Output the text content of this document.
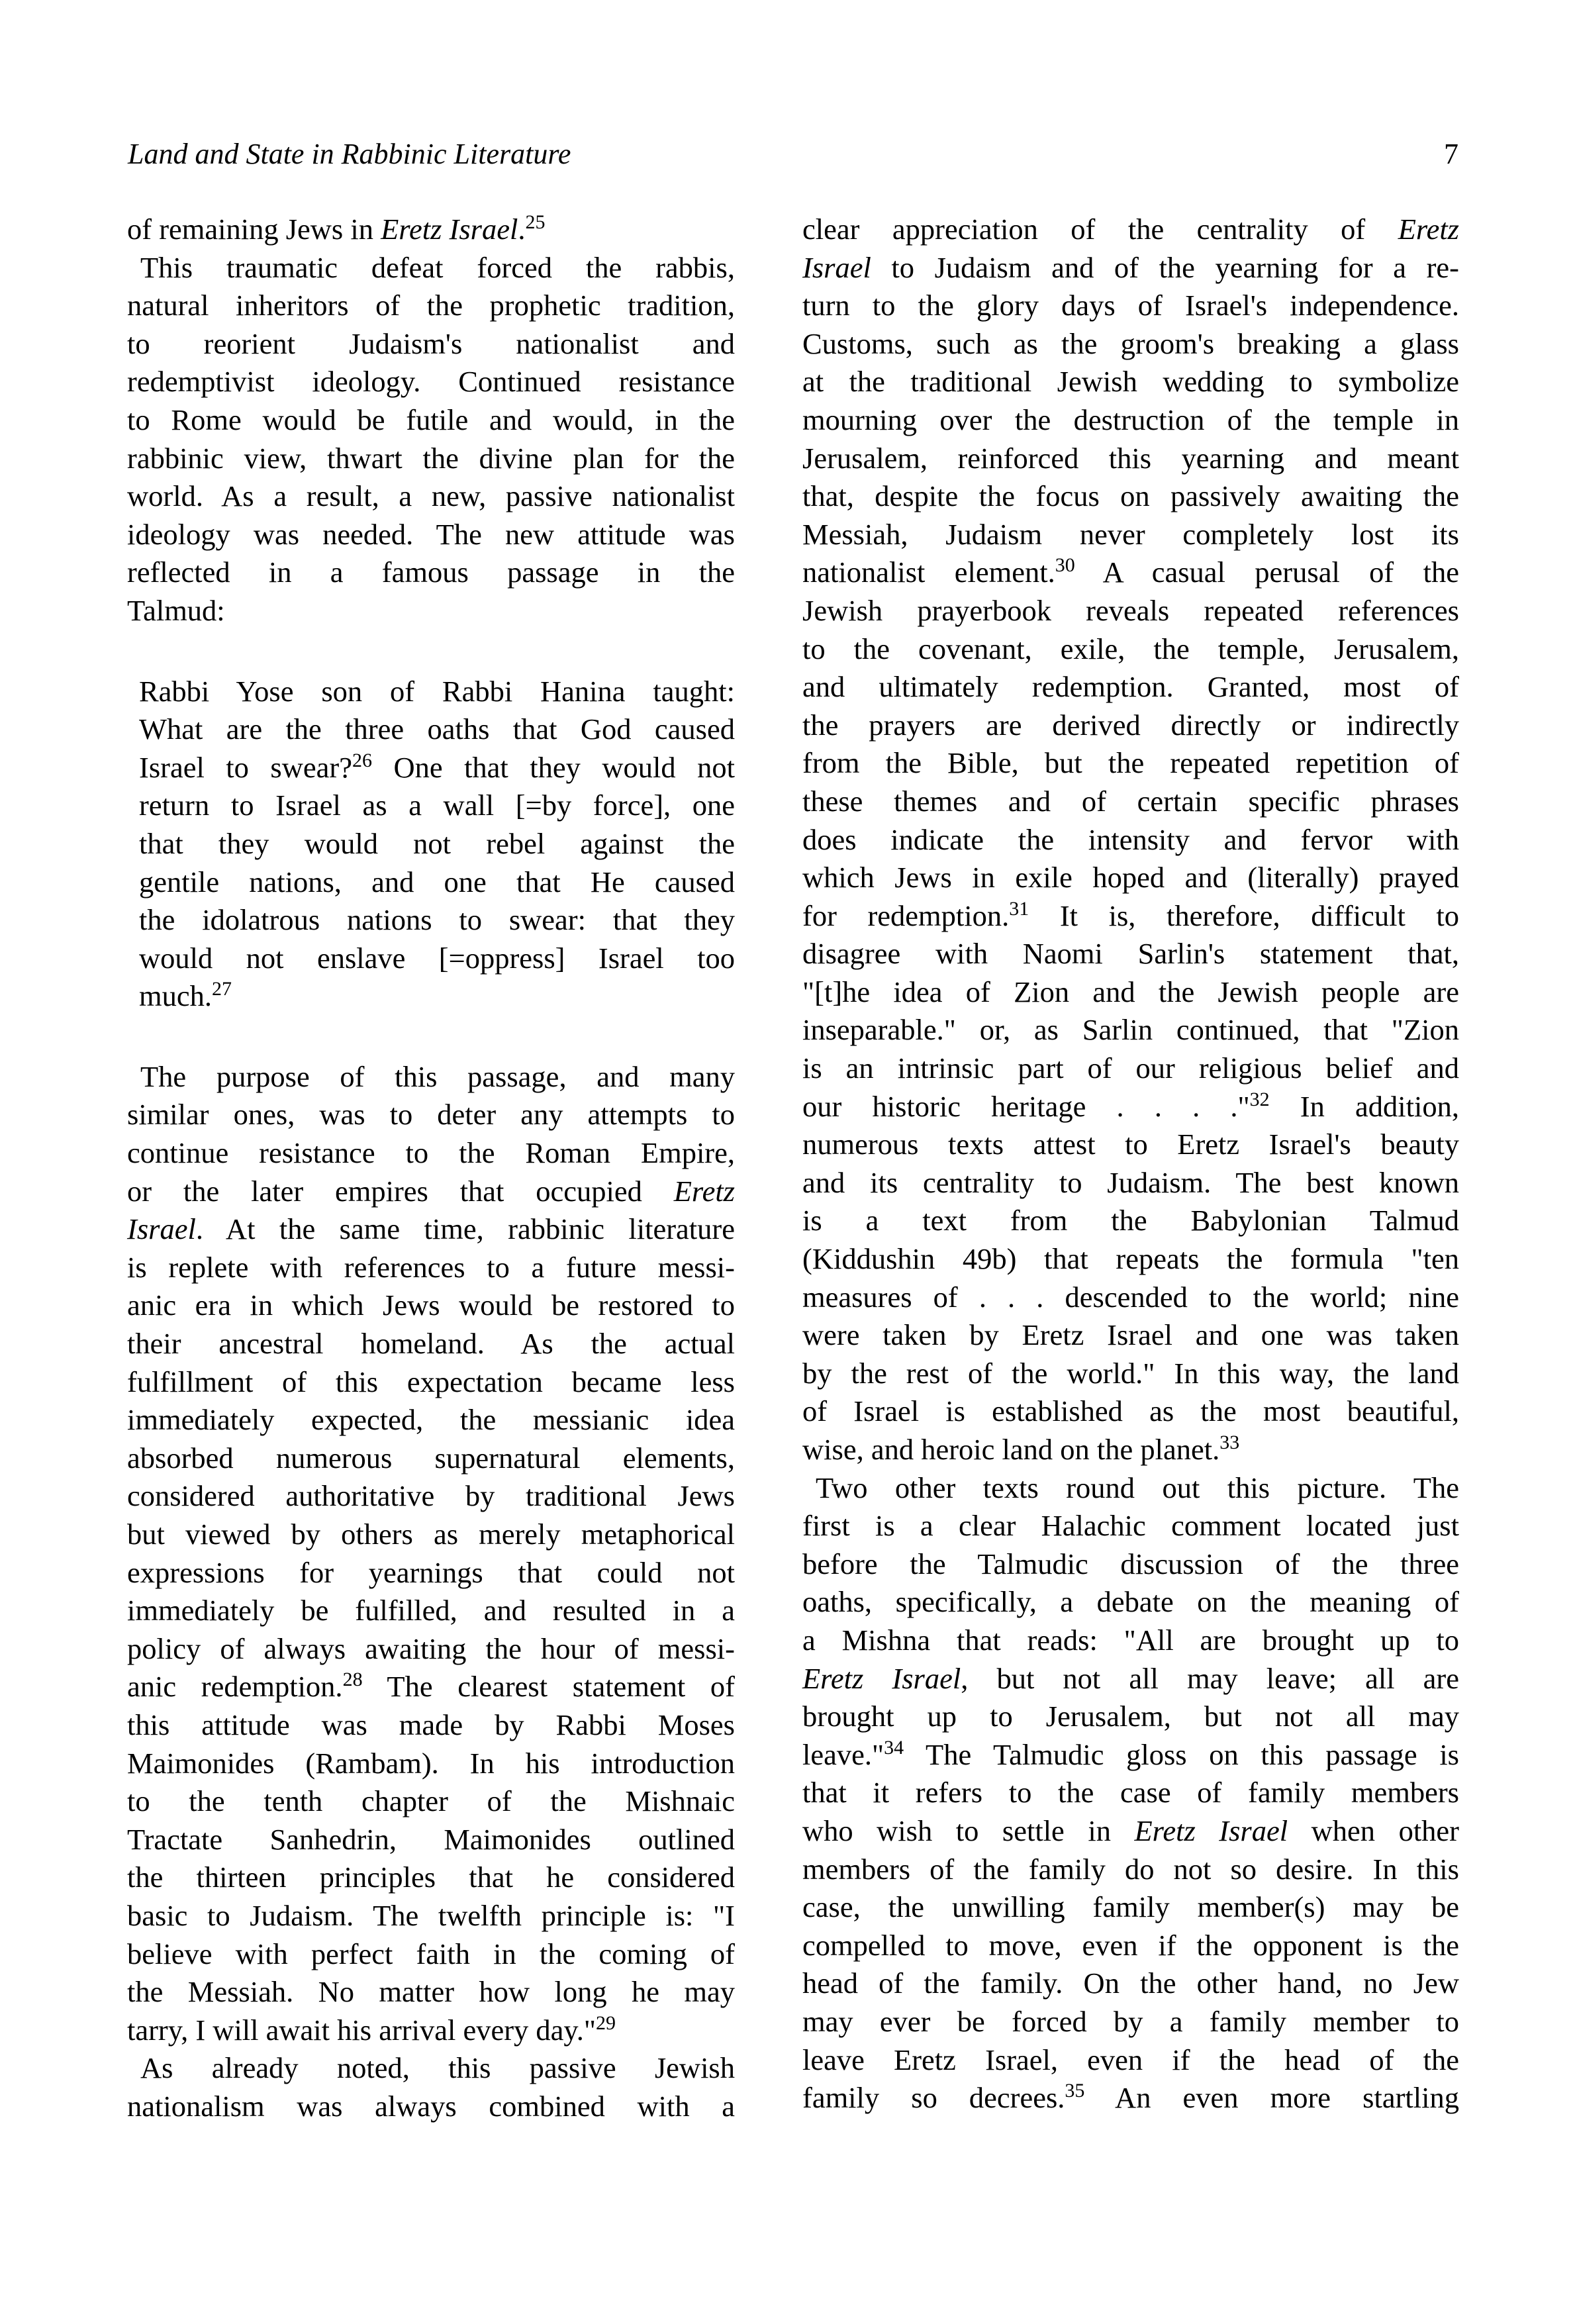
Land and State in Rabbinic Literature	7
of remaining Jews in Eretz Israel.$^{25}$
This traumatic defeat forced the rabbis,
natural inheritors of the prophetic tradition,
to reorient Judaism's nationalist and
redemptivist ideology. Continued resistance
to Rome would be futile and would, in the
rabbinic view, thwart the divine plan for the
world. As a result, a new, passive nationalist
ideology was needed. The new attitude was
reflected in a famous passage in the
Talmud:
Rabbi Yose son of Rabbi Hanina taught:
What are the three oaths that God caused
Israel to swear?$^{26}$ One that they would not
return to Israel as a wall [=by force], one
that they would not rebel against the
gentile nations, and one that He caused
the idolatrous nations to swear: that they
would not enslave [=oppress] Israel too
much.$^{27}$
The purpose of this passage, and many
similar ones, was to deter any attempts to
continue resistance to the Roman Empire,
or the later empires that occupied Eretz
Israel. At the same time, rabbinic literature
is replete with references to a future messi-
anic era in which Jews would be restored to
their ancestral homeland. As the actual
fulfillment of this expectation became less
immediately expected, the messianic idea
absorbed numerous supernatural elements,
considered authoritative by traditional Jews
but viewed by others as merely metaphorical
expressions for yearnings that could not
immediately be fulfilled, and resulted in a
policy of always awaiting the hour of messi-
anic redemption.$^{28}$ The clearest statement of
this attitude was made by Rabbi Moses
Maimonides (Rambam). In his introduction
to the tenth chapter of the Mishnaic
Tractate Sanhedrin, Maimonides outlined
the thirteen principles that he considered
basic to Judaism. The twelfth principle is: "I
believe with perfect faith in the coming of
the Messiah. No matter how long he may
tarry, I will await his arrival every day."$^{29}$
As already noted, this passive Jewish
nationalism was always combined with a
clear appreciation of the centrality of Eretz
Israel to Judaism and of the yearning for a re-
turn to the glory days of Israel's independence.
Customs, such as the groom's breaking a glass
at the traditional Jewish wedding to symbolize
mourning over the destruction of the temple in
Jerusalem, reinforced this yearning and meant
that, despite the focus on passively awaiting the
Messiah, Judaism never completely lost its
nationalist element.$^{30}$ A casual perusal of the
Jewish prayerbook reveals repeated references
to the covenant, exile, the temple, Jerusalem,
and ultimately redemption. Granted, most of
the prayers are derived directly or indirectly
from the Bible, but the repeated repetition of
these themes and of certain specific phrases
does indicate the intensity and fervor with
which Jews in exile hoped and (literally) prayed
for redemption.$^{31}$ It is, therefore, difficult to
disagree with Naomi Sarlin's statement that,
"[t]he idea of Zion and the Jewish people are
inseparable." or, as Sarlin continued, that "Zion
is an intrinsic part of our religious belief and
our historic heritage . . . ."$^{32}$ In addition,
numerous texts attest to Eretz Israel's beauty
and its centrality to Judaism. The best known
is a text from the Babylonian Talmud
(Kiddushin 49b) that repeats the formula "ten
measures of . . . descended to the world; nine
were taken by Eretz Israel and one was taken
by the rest of the world." In this way, the land
of Israel is established as the most beautiful,
wise, and heroic land on the planet.$^{33}$
Two other texts round out this picture. The
first is a clear Halachic comment located just
before the Talmudic discussion of the three
oaths, specifically, a debate on the meaning of
a Mishna that reads: "All are brought up to
Eretz Israel, but not all may leave; all are
brought up to Jerusalem, but not all may
leave."$^{34}$ The Talmudic gloss on this passage is
that it refers to the case of family members
who wish to settle in Eretz Israel when other
members of the family do not so desire. In this
case, the unwilling family member(s) may be
compelled to move, even if the opponent is the
head of the family. On the other hand, no Jew
may ever be forced by a family member to
leave Eretz Israel, even if the head of the
family so decrees.$^{35}$ An even more startling
